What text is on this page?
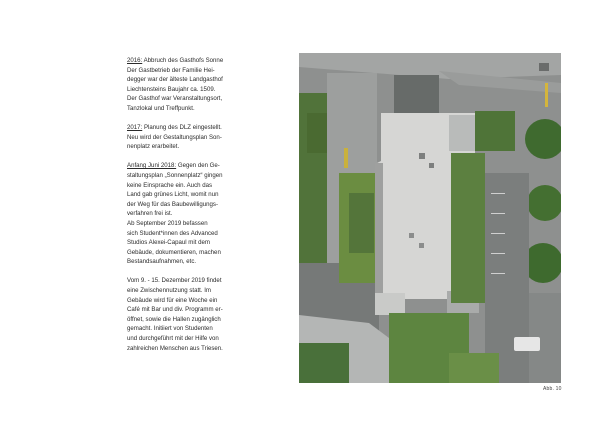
2016: Abbruch des Gasthofs Sonne
Der Gastbetrieb der Familie Hei-
degger war der älteste Landgasthof
Liechtensteins Baujahr ca. 1509.
Der Gasthof war Veranstaltungsort,
Tanzlokal und Treffpunkt.

2017: Planung des DLZ eingestellt.
Neu wird der Gestaltungsplan Son-
nenplatz erarbeitet.

Anfang Juni 2018: Gegen den Ge-
staltungsplan „Sonnenplatz“ gingen
keine Einsprache ein. Auch das
Land gab grünes Licht, womit nun
der Weg für das Baubewilligungs-
verfahren frei ist.
Ab September 2019 befassen
sich Student*innen des Advanced
Studios Alexei-Capaul mit dem
Gebäude, dokumentieren, machen
Bestandsaufnahmen, etc.

Vom 9. - 15. Dezember 2019 findet
eine Zwischennutzung statt. Im
Gebäude wird für eine Woche ein
Café mit Bar und div. Programm er-
öffnet, sowie die Hallen zugänglich
gemacht. Initiiert von Studenten
und durchgeführt mit der Hilfe von
zahlreichen Menschen aus Triesen.

Abb. 10
